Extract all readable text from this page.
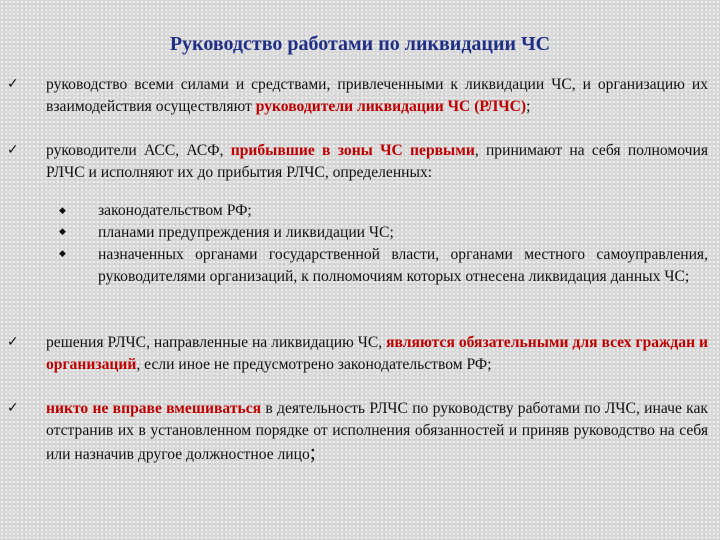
Руководство работами по ликвидации ЧС
✓	руководство всеми силами и средствами, привлеченными к ликвидации ЧС, и организацию их взаимодействия осуществляют руководители ликвидации ЧС (РЛЧС);
✓	руководители АСС, АСФ, прибывшие в зоны ЧС первыми, принимают на себя полномочия РЛЧС и исполняют их до прибытия РЛЧС, определенных:
◆ законодательством РФ;
◆ планами предупреждения и ликвидации ЧС;
◆ назначенных органами государственной власти, органами местного самоуправления, руководителями организаций, к полномочиям которых отнесена ликвидация данных ЧС;
✓	решения РЛЧС, направленные на ликвидацию ЧС, являются обязательными для всех граждан и организаций, если иное не предусмотрено законодательством РФ;
✓	никто не вправе вмешиваться в деятельность РЛЧС по руководству работами по ЛЧС, иначе как отстранив их в установленном порядке от исполнения обязанностей и приняв руководство на себя или назначив другое должностное лицо;
